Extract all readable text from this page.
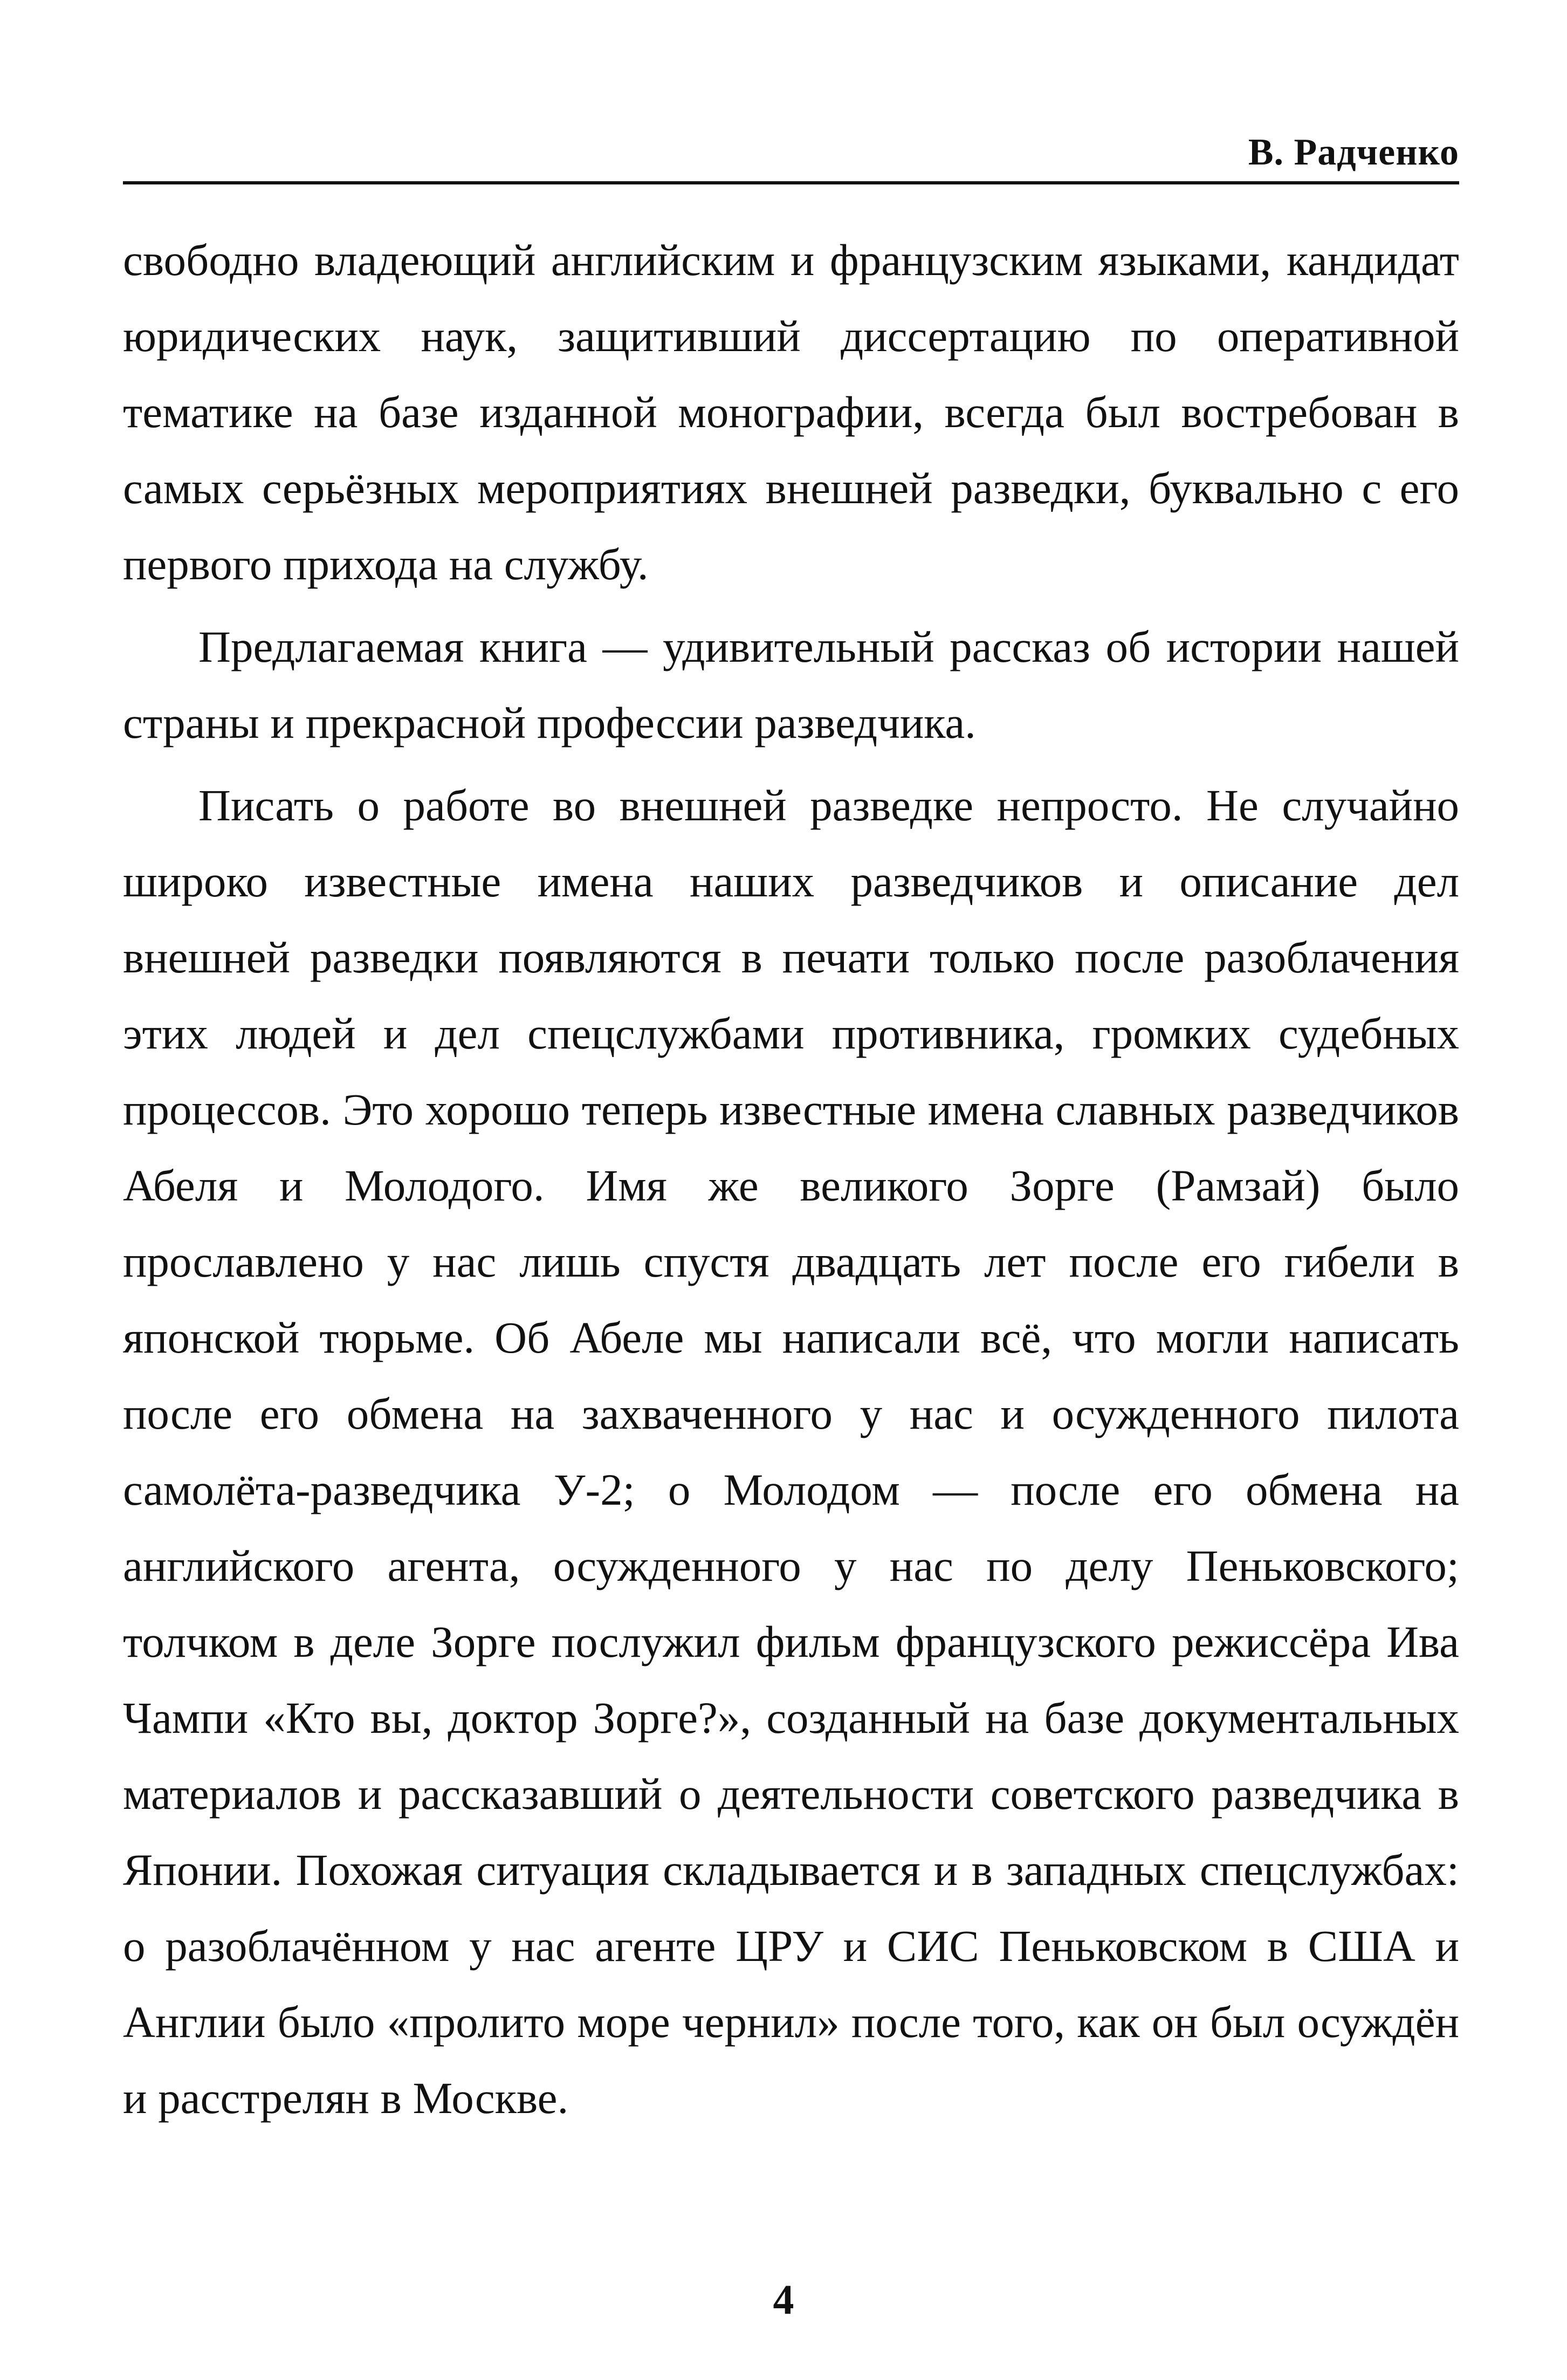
В. Радченко

свободно владеющий английским и французским языками, кандидат юридических наук, защитивший диссертацию по оперативной тематике на базе изданной монографии, всегда был востребован в самых серьёзных мероприятиях внешней разведки, буквально с его первого прихода на службу.

Предлагаемая книга — удивительный рассказ об истории нашей страны и прекрасной профессии разведчика.

Писать о работе во внешней разведке непросто. Не случайно широко известные имена наших разведчиков и описание дел внешней разведки появляются в печати только после разоблачения этих людей и дел спецслужбами противника, громких судебных процессов. Это хорошо теперь известные имена славных разведчиков Абеля и Молодого. Имя же великого Зорге (Рамзай) было прославлено у нас лишь спустя двадцать лет после его гибели в японской тюрьме. Об Абеле мы написали всё, что могли написать после его обмена на захваченного у нас и осужденного пилота самолёта-разведчика У-2; о Молодом — после его обмена на английского агента, осужденного у нас по делу Пеньковского; толчком в деле Зорге послужил фильм французского режиссёра Ива Чампи «Кто вы, доктор Зорге?», созданный на базе документальных материалов и рассказавший о деятельности советского разведчика в Японии. Похожая ситуация складывается и в западных спецслужбах: о разоблачённом у нас агенте ЦРУ и СИС Пеньковском в США и Англии было «пролито море чернил» после того, как он был осуждён и расстрелян в Москве.

4
